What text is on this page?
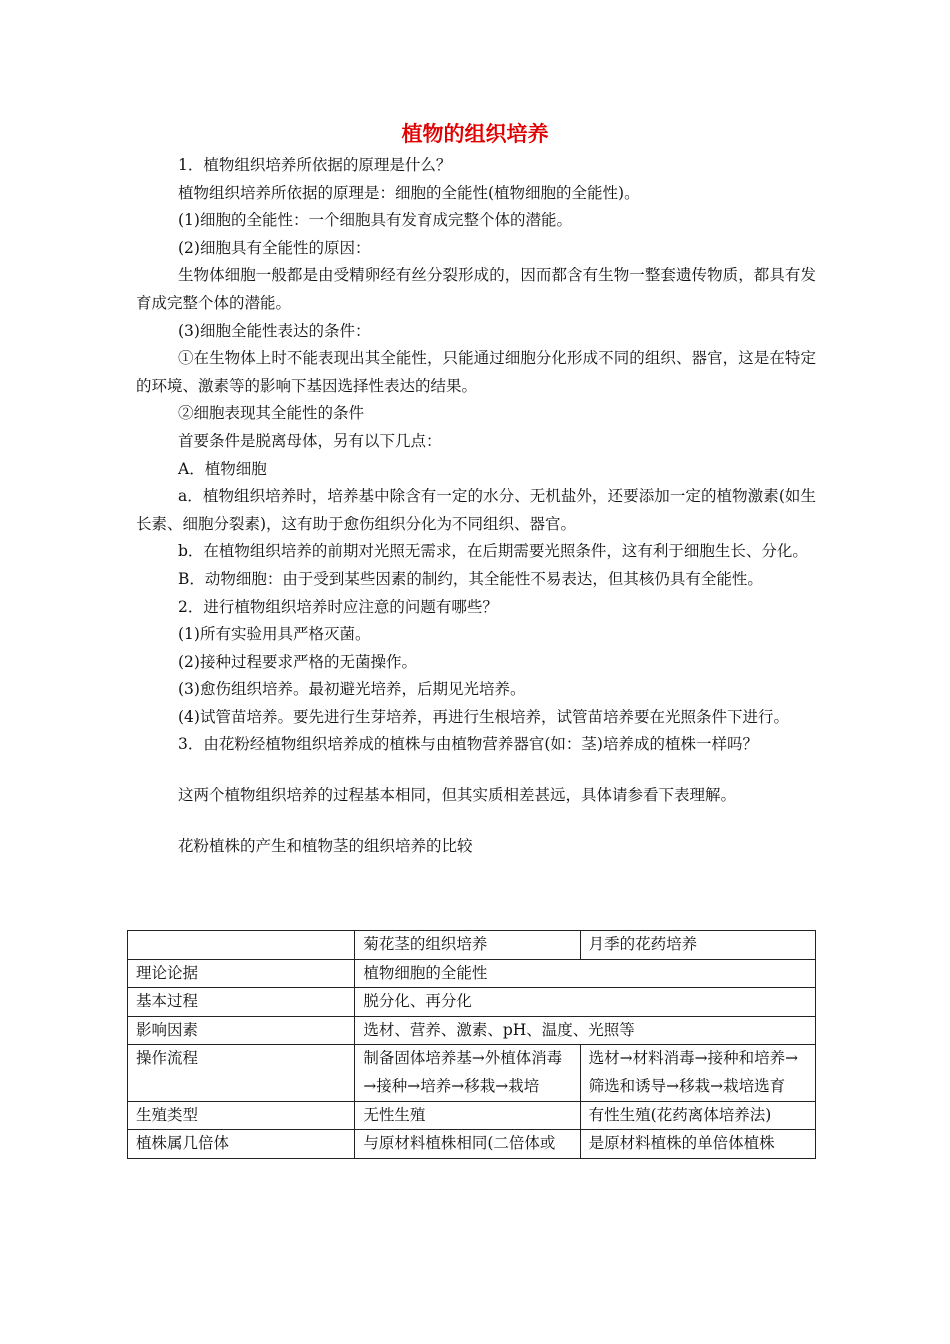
植物的组织培养

1．植物组织培养所依据的原理是什么？

植物组织培养所依据的原理是：细胞的全能性(植物细胞的全能性)。

(1)细胞的全能性：一个细胞具有发育成完整个体的潜能。

(2)细胞具有全能性的原因：

生物体细胞一般都是由受精卵经有丝分裂形成的，因而都含有生物一整套遗传物质，都具有发育成完整个体的潜能。

(3)细胞全能性表达的条件：

①在生物体上时不能表现出其全能性，只能通过细胞分化形成不同的组织、器官，这是在特定的环境、激素等的影响下基因选择性表达的结果。

②细胞表现其全能性的条件

首要条件是脱离母体，另有以下几点：

A．植物细胞

a．植物组织培养时，培养基中除含有一定的水分、无机盐外，还要添加一定的植物激素(如生长素、细胞分裂素)，这有助于愈伤组织分化为不同组织、器官。

b．在植物组织培养的前期对光照无需求，在后期需要光照条件，这有利于细胞生长、分化。

B．动物细胞：由于受到某些因素的制约，其全能性不易表达，但其核仍具有全能性。

2．进行植物组织培养时应注意的问题有哪些？

(1)所有实验用具严格灭菌。

(2)接种过程要求严格的无菌操作。

(3)愈伤组织培养。最初避光培养，后期见光培养。

(4)试管苗培养。要先进行生芽培养，再进行生根培养，试管苗培养要在光照条件下进行。

3．由花粉经植物组织培养成的植株与由植物营养器官(如：茎)培养成的植株一样吗？

这两个植物组织培养的过程基本相同，但其实质相差甚远，具体请参看下表理解。

花粉植株的产生和植物茎的组织培养的比较

	菊花茎的组织培养	月季的花药培养
理论论据	植物细胞的全能性	
基本过程	脱分化、再分化	
影响因素	选材、营养、激素、pH、温度、光照等	
操作流程	制备固体培养基→外植体消毒→接种→培养→移栽→栽培	选材→材料消毒→接种和培养→筛选和诱导→移栽→栽培选育
生殖类型	无性生殖	有性生殖(花药离体培养法)
植株属几倍体	与原材料植株相同(二倍体或	是原材料植株的单倍体植株
